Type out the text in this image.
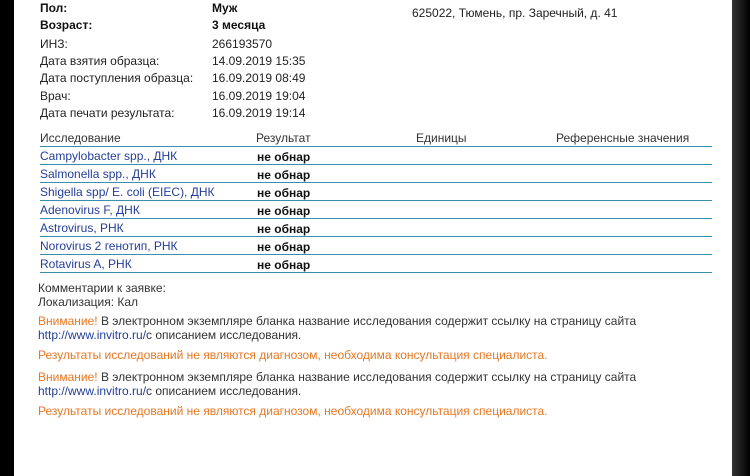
Пол:	Муж
Возраст:	3 месяца
ИНЗ:	266193570
Дата взятия образца:	14.09.2019 15:35
Дата поступления образца: 16.09.2019 08:49
Врач:	16.09.2019 19:04
Дата печати результата:	16.09.2019 19:14
625022, Тюмень, пр. Заречный, д. 41
Исследование	Результат	Единицы	Референсные значения
Campylobacter spp., ДНК	не обнар
Salmonella spp., ДНК	не обнар
Shigella spp/ E. coli (EIEC), ДНК	не обнар
Adenovirus F, ДНК	не обнар
Astrovirus, РНК	не обнар
Norovirus 2 генотип, РНК	не обнар
Rotavirus A, РНК	не обнар
Комментарии к заявке:
Локализация: Кал
Внимание! В электронном экземпляре бланка название исследования содержит ссылку на страницу сайта
http://www.invitro.ru/с описанием исследования.
Результаты исследований не являются диагнозом, необходима консультация специалиста.
Внимание! В электронном экземпляре бланка название исследования содержит ссылку на страницу сайта
http://www.invitro.ru/с описанием исследования.
Результаты исследований не являются диагнозом, необходима консультация специалиста.
